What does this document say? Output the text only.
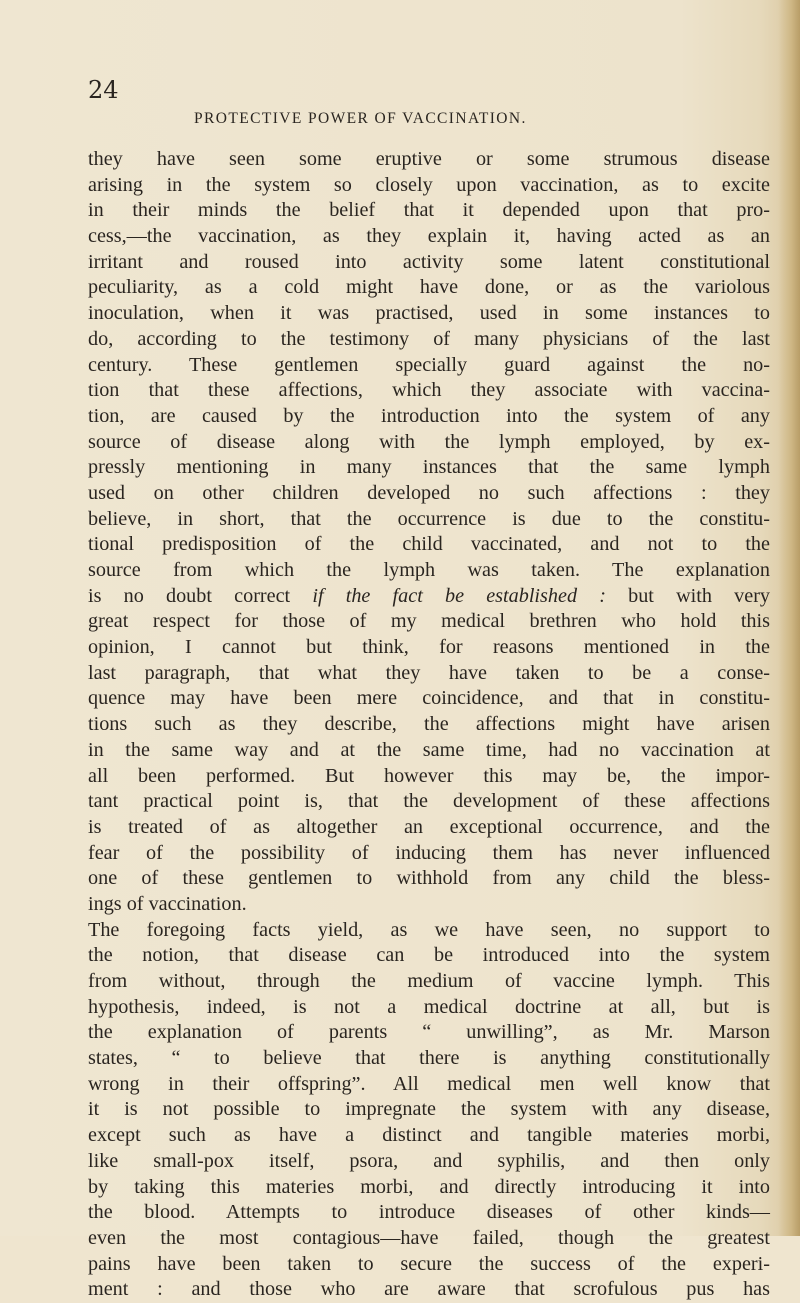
24
PROTECTIVE POWER OF VACCINATION.
they have seen some eruptive or some strumous disease
arising in the system so closely upon vaccination, as to excite
in their minds the belief that it depended upon that pro-
cess,—the vaccination, as they explain it, having acted as an
irritant and roused into activity some latent constitutional
peculiarity, as a cold might have done, or as the variolous
inoculation, when it was practised, used in some instances to
do, according to the testimony of many physicians of the last
century. These gentlemen specially guard against the no-
tion that these affections, which they associate with vaccina-
tion, are caused by the introduction into the system of any
source of disease along with the lymph employed, by ex-
pressly mentioning in many instances that the same lymph
used on other children developed no such affections : they
believe, in short, that the occurrence is due to the constitu-
tional predisposition of the child vaccinated, and not to the
source from which the lymph was taken. The explanation
is no doubt correct if the fact be established : but with very
great respect for those of my medical brethren who hold this
opinion, I cannot but think, for reasons mentioned in the
last paragraph, that what they have taken to be a conse-
quence may have been mere coincidence, and that in constitu-
tions such as they describe, the affections might have arisen
in the same way and at the same time, had no vaccination at
all been performed. But however this may be, the impor-
tant practical point is, that the development of these affections
is treated of as altogether an exceptional occurrence, and the
fear of the possibility of inducing them has never influenced
one of these gentlemen to withhold from any child the bless-
ings of vaccination.
The foregoing facts yield, as we have seen, no support to
the notion, that disease can be introduced into the system
from without, through the medium of vaccine lymph. This
hypothesis, indeed, is not a medical doctrine at all, but is
the explanation of parents “ unwilling”, as Mr. Marson
states, “ to believe that there is anything constitutionally
wrong in their offspring”. All medical men well know that
it is not possible to impregnate the system with any disease,
except such as have a distinct and tangible materies morbi,
like small-pox itself, psora, and syphilis, and then only
by taking this materies morbi, and directly introducing it into
the blood. Attempts to introduce diseases of other kinds—
even the most contagious—have failed, though the greatest
pains have been taken to secure the success of the experi-
ment : and those who are aware that scrofulous pus has
